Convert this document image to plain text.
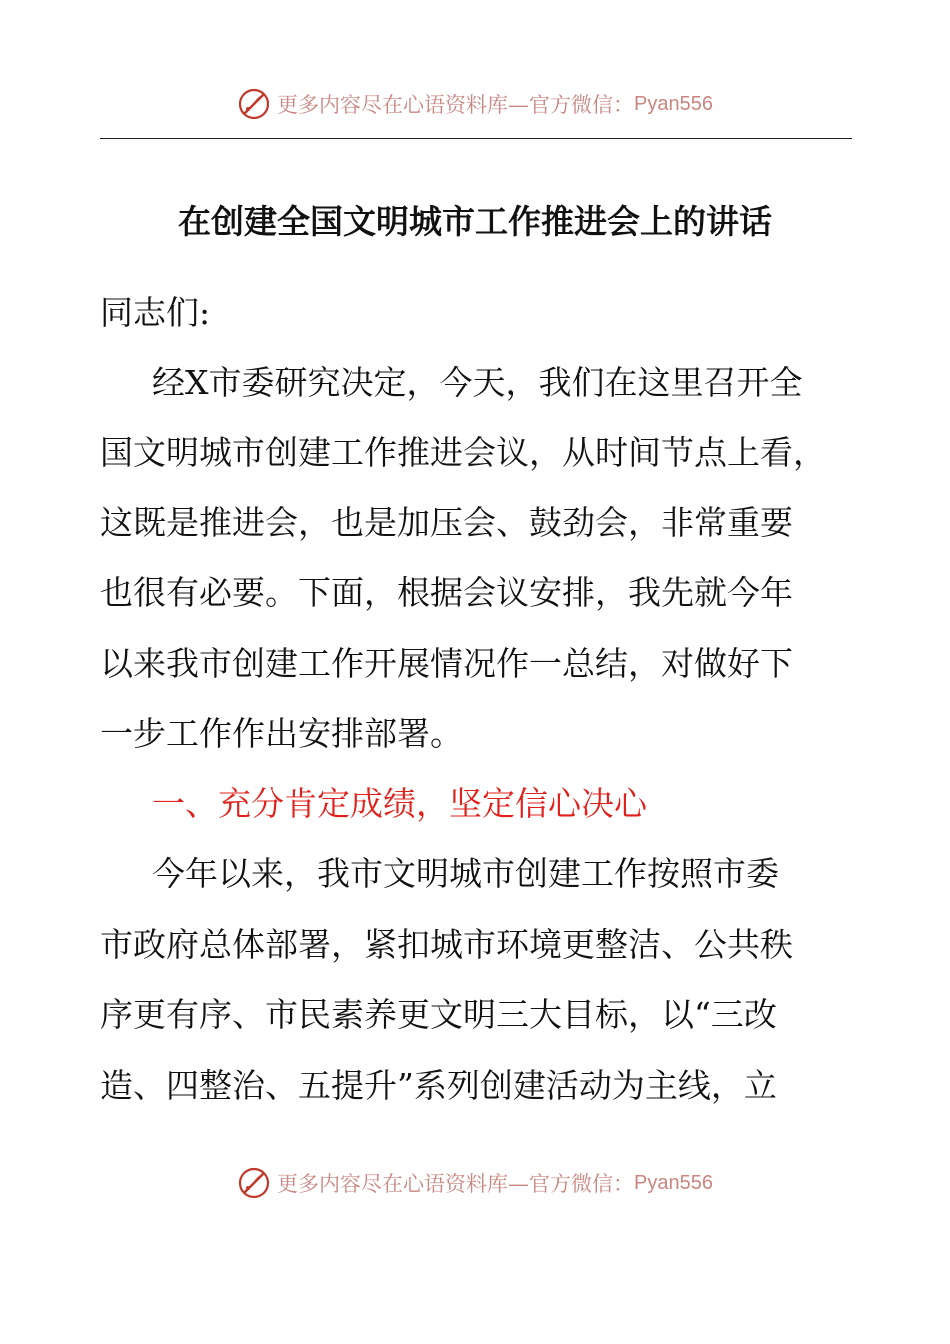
更多内容尽在心语资料库—官方微信： Pyan556
在创建全国文明城市工作推进会上的讲话
同志们:
经X市委研究决定，今天，我们在这里召开全
国文明城市创建工作推进会议，从时间节点上看，
这既是推进会，也是加压会、鼓劲会，非常重要
也很有必要。下面，根据会议安排，我先就今年
以来我市创建工作开展情况作一总结，对做好下
一步工作作出安排部署。
一、充分肯定成绩，坚定信心决心
今年以来，我市文明城市创建工作按照市委
市政府总体部署，紧扣城市环境更整洁、公共秩
序更有序、市民素养更文明三大目标，以“三改
造、四整治、五提升”系列创建活动为主线，立
更多内容尽在心语资料库—官方微信： Pyan556
